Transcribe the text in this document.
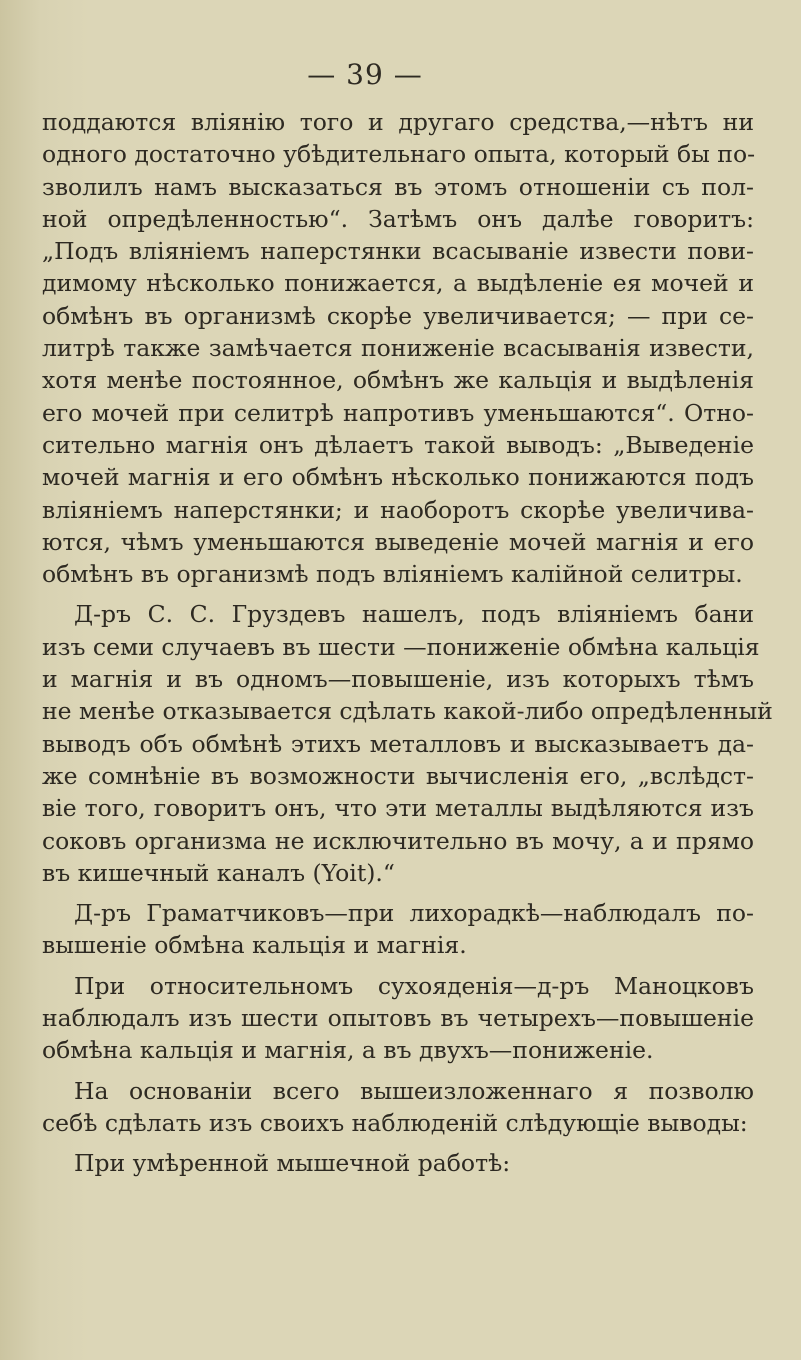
— 39 —
поддаются вліянію того и другаго средства,—нѣтъ ни
одного достаточно убѣдительнаго опыта, который бы по-
зволилъ намъ высказаться въ этомъ отношеніи съ пол-
ной опредѣленностью“. Затѣмъ онъ далѣе говоритъ:
„Подъ вліяніемъ наперстянки всасываніе извести пови-
димому нѣсколько понижается, а выдѣленіе ея мочей и
обмѣнъ въ организмѣ скорѣе увеличивается; — при се-
литрѣ также замѣчается пониженіе всасыванія извести,
хотя менѣе постоянное, обмѣнъ же кальція и выдѣленія
его мочей при селитрѣ напротивъ уменьшаются“. Отно-
сительно магнія онъ дѣлаетъ такой выводъ: „Выведеніе
мочей магнія и его обмѣнъ нѣсколько понижаются подъ
вліяніемъ наперстянки; и наоборотъ скорѣе увеличива-
ются, чѣмъ уменьшаются выведеніе мочей магнія и его
обмѣнъ въ организмѣ подъ вліяніемъ калійной селитры.
Д-ръ С. С. Груздевъ нашелъ, подъ вліяніемъ бани
изъ семи случаевъ въ шести —пониженіе обмѣна кальція
и магнія и въ одномъ—повышеніе, изъ которыхъ тѣмъ
не менѣе отказывается сдѣлать какой-либо опредѣленный
выводъ объ обмѣнѣ этихъ металловъ и высказываетъ да-
же сомнѣніе въ возможности вычисленія его, „вслѣдст-
віе того, говоритъ онъ, что эти металлы выдѣляются изъ
соковъ организма не исключительно въ мочу, а и прямо
въ кишечный каналъ (Yoit).“
Д-ръ Граматчиковъ—при лихорадкѣ—наблюдалъ по-
вышеніе обмѣна кальція и магнія.
При относительномъ сухояденія—д-ръ Маноцковъ
наблюдалъ изъ шести опытовъ въ четырехъ—повышеніе
обмѣна кальція и магнія, а въ двухъ—пониженіе.
На основаніи всего вышеизложеннаго я позволю
себѣ сдѣлать изъ своихъ наблюденій слѣдующіе выводы:
При умѣренной мышечной работѣ:
